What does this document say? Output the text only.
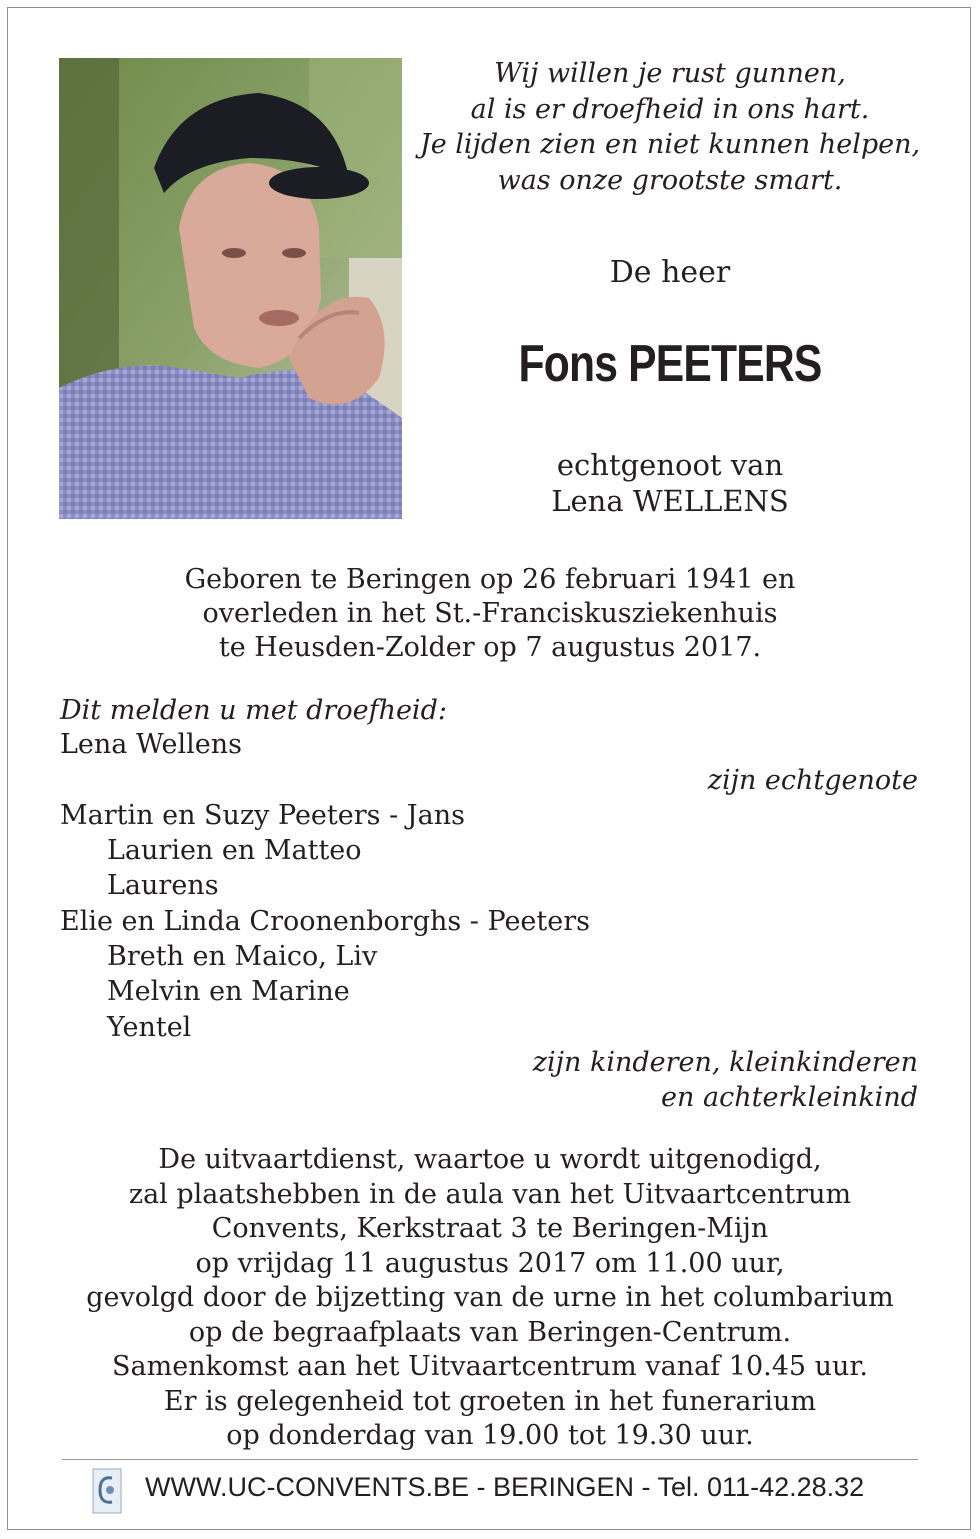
Wij willen je rust gunnen,
al is er droefheid in ons hart.
Je lijden zien en niet kunnen helpen,
was onze grootste smart.
De heer
Fons PEETERS
echtgenoot van
Lena WELLENS
Geboren te Beringen op 26 februari 1941 en
overleden in het St.-Franciskusziekenhuis
te Heusden-Zolder op 7 augustus 2017.
Dit melden u met droefheid:
Lena Wellens
zijn echtgenote
Martin en Suzy Peeters - Jans
Laurien en Matteo
Laurens
Elie en Linda Croonenborghs - Peeters
Breth en Maico, Liv
Melvin en Marine
Yentel
zijn kinderen, kleinkinderen
en achterkleinkind
De uitvaartdienst, waartoe u wordt uitgenodigd,
zal plaatshebben in de aula van het Uitvaartcentrum
Convents, Kerkstraat 3 te Beringen-Mijn
op vrijdag 11 augustus 2017 om 11.00 uur,
gevolgd door de bijzetting van de urne in het columbarium
op de begraafplaats van Beringen-Centrum.
Samenkomst aan het Uitvaartcentrum vanaf 10.45 uur.
Er is gelegenheid tot groeten in het funerarium
op donderdag van 19.00 tot 19.30 uur.
WWW.UC-CONVENTS.BE - BERINGEN - Tel. 011-42.28.32
